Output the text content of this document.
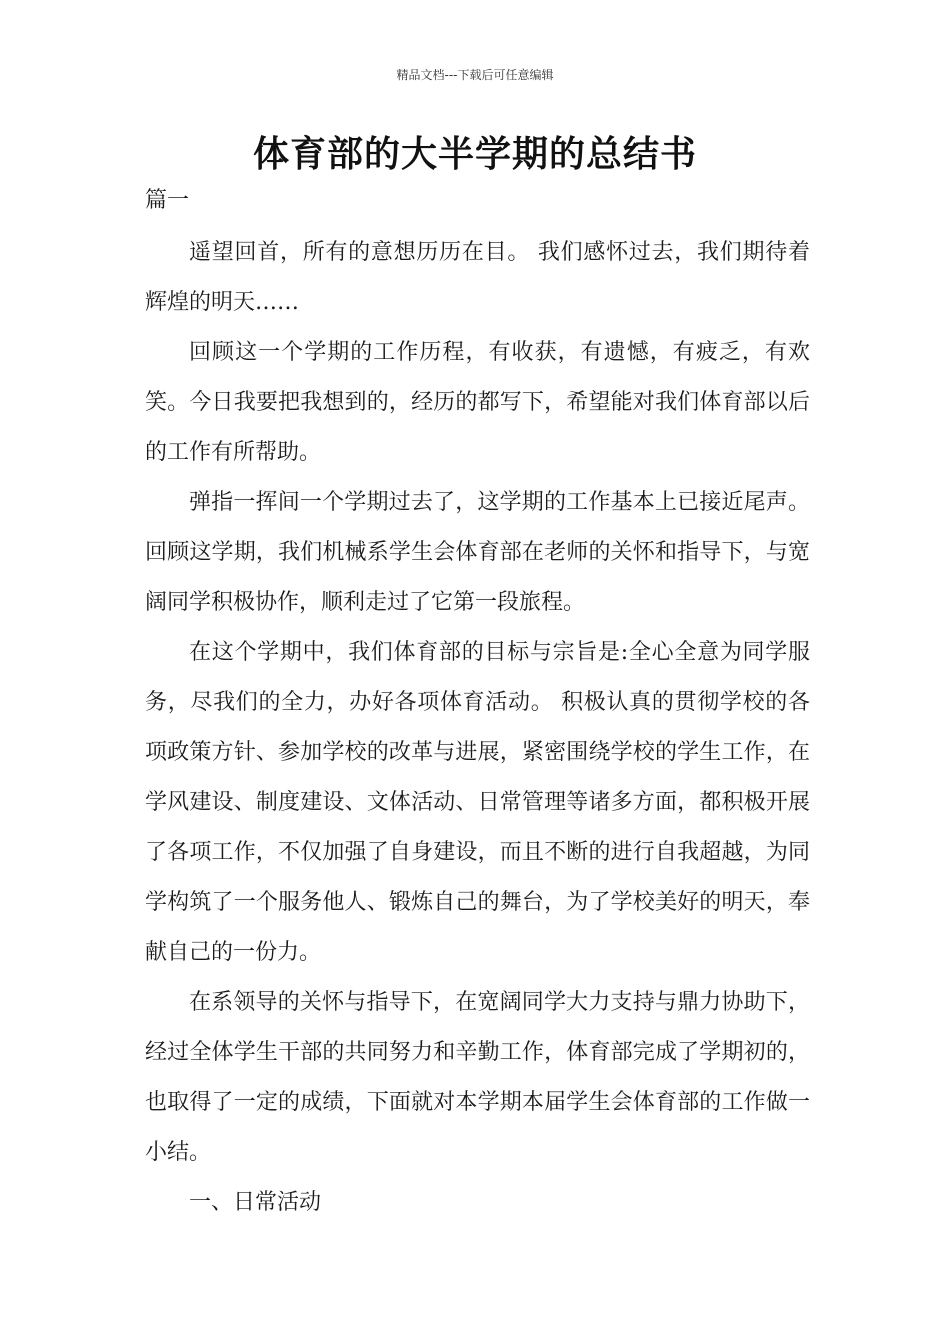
精品文档---下载后可任意编辑
体育部的大半学期的总结书
篇一

遥望回首，所有的意想历历在目。 我们感怀过去，我们期待着辉煌的明天……

回顾这一个学期的工作历程，有收获，有遗憾，有疲乏，有欢笑。今日我要把我想到的，经历的都写下，希望能对我们体育部以后的工作有所帮助。

弹指一挥间一个学期过去了，这学期的工作基本上已接近尾声。回顾这学期，我们机械系学生会体育部在老师的关怀和指导下，与宽阔同学积极协作，顺利走过了它第一段旅程。

在这个学期中，我们体育部的目标与宗旨是:全心全意为同学服务，尽我们的全力，办好各项体育活动。 积极认真的贯彻学校的各项政策方针、参加学校的改革与进展，紧密围绕学校的学生工作，在学风建设、制度建设、文体活动、日常管理等诸多方面，都积极开展了各项工作，不仅加强了自身建设，而且不断的进行自我超越，为同学构筑了一个服务他人、锻炼自己的舞台，为了学校美好的明天，奉献自己的一份力。

在系领导的关怀与指导下，在宽阔同学大力支持与鼎力协助下，经过全体学生干部的共同努力和辛勤工作，体育部完成了学期初的，也取得了一定的成绩，下面就对本学期本届学生会体育部的工作做一小结。

一、日常活动
